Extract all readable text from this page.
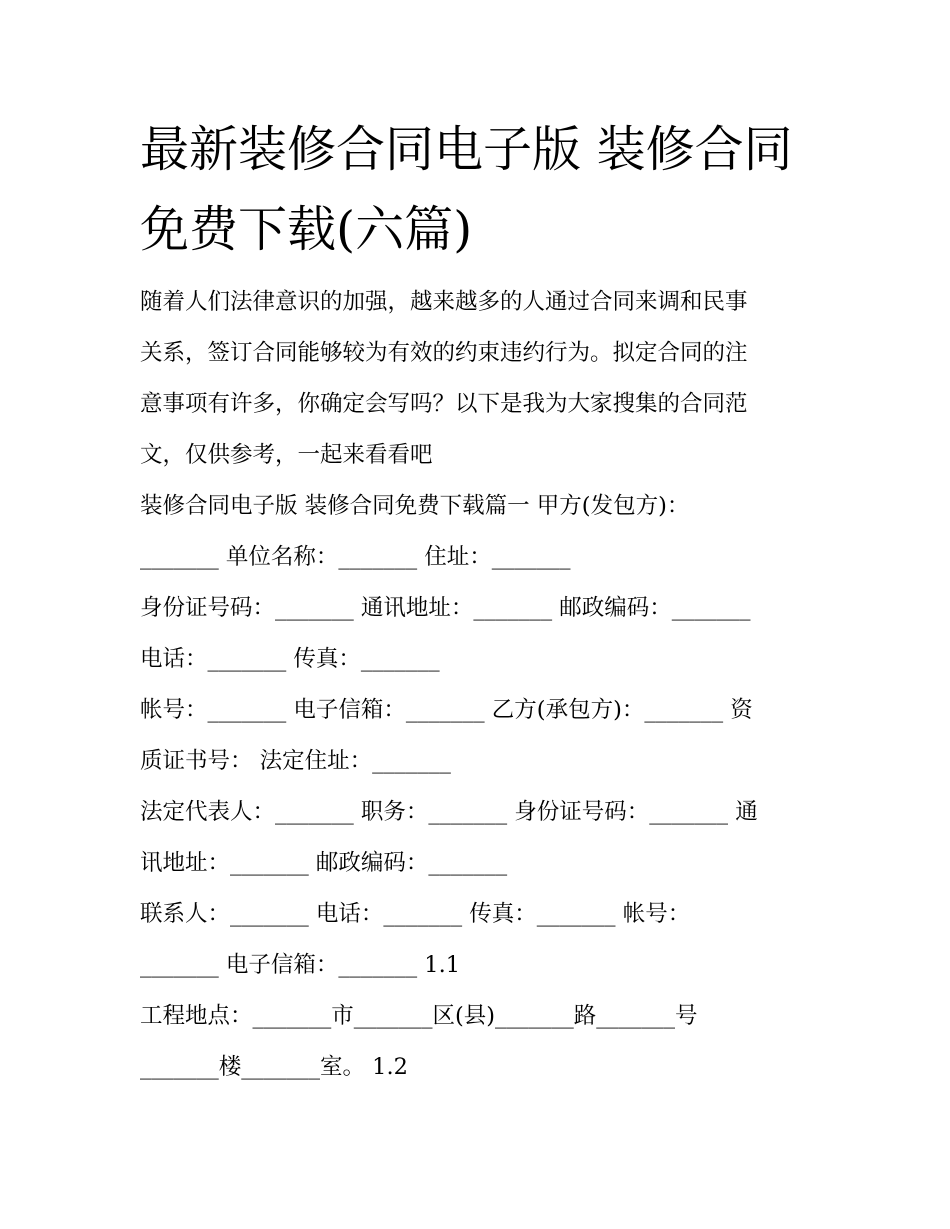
最新装修合同电子版 装修合同免费下载(六篇)
随着人们法律意识的加强，越来越多的人通过合同来调和民事
关系，签订合同能够较为有效的约束违约行为。拟定合同的注
意事项有许多，你确定会写吗？以下是我为大家搜集的合同范
文，仅供参考，一起来看看吧
装修合同电子版 装修合同免费下载篇一 甲方(发包方)：
_______ 单位名称：_______ 住址：_______
身份证号码：_______ 通讯地址：_______ 邮政编码：_______
电话：_______ 传真：_______
帐号：_______ 电子信箱：_______ 乙方(承包方)：_______ 资
质证书号： 法定住址：_______
法定代表人：_______ 职务：_______ 身份证号码：_______ 通
讯地址：_______ 邮政编码：_______
联系人：_______ 电话：_______ 传真：_______ 帐号：
_______ 电子信箱：_______ 1.1
工程地点：_______市_______区(县)_______路_______号
_______楼_______室。 1.2
